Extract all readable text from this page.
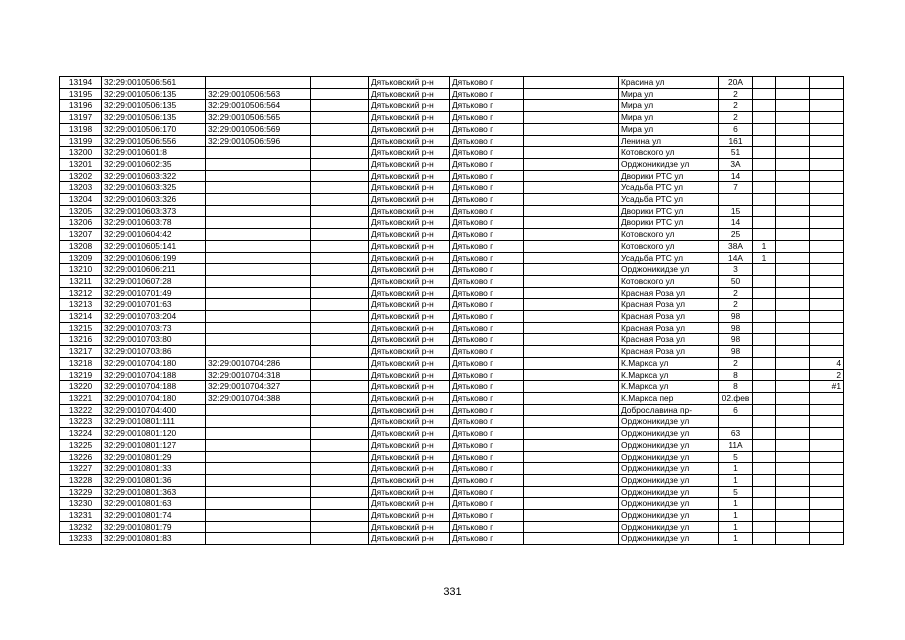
13194	32:29:0010506:561			Дятьковский р-н	Дятьково г		Красина ул	20А			
13195	32:29:0010506:135	32:29:0010506:563		Дятьковский р-н	Дятьково г		Мира ул	2			
13196	32:29:0010506:135	32:29:0010506:564		Дятьковский р-н	Дятьково г		Мира ул	2			
13197	32:29:0010506:135	32:29:0010506:565		Дятьковский р-н	Дятьково г		Мира ул	2			
13198	32:29:0010506:170	32:29:0010506:569		Дятьковский р-н	Дятьково г		Мира ул	6			
13199	32:29:0010506:556	32:29:0010506:596		Дятьковский р-н	Дятьково г		Ленина ул	161			
13200	32:29:0010601:8			Дятьковский р-н	Дятьково г		Котовского ул	51			
13201	32:29:0010602:35			Дятьковский р-н	Дятьково г		Орджоникидзе ул	3А			
13202	32:29:0010603:322			Дятьковский р-н	Дятьково г		Дворики РТС ул	14			
13203	32:29:0010603:325			Дятьковский р-н	Дятьково г		Усадьба РТС ул	7			
13204	32:29:0010603:326			Дятьковский р-н	Дятьково г		Усадьба РТС ул				
13205	32:29:0010603:373			Дятьковский р-н	Дятьково г		Дворики РТС ул	15			
13206	32:29:0010603:78			Дятьковский р-н	Дятьково г		Дворики РТС ул	14			
13207	32:29:0010604:42			Дятьковский р-н	Дятьково г		Котовского ул	25			
13208	32:29:0010605:141			Дятьковский р-н	Дятьково г		Котовского ул	38А	1		
13209	32:29:0010606:199			Дятьковский р-н	Дятьково г		Усадьба РТС ул	14А	1		
13210	32:29:0010606:211			Дятьковский р-н	Дятьково г		Орджоникидзе ул	3			
13211	32:29:0010607:28			Дятьковский р-н	Дятьково г		Котовского ул	50			
13212	32:29:0010701:49			Дятьковский р-н	Дятьково г		Красная Роза ул	2			
13213	32:29:0010701:63			Дятьковский р-н	Дятьково г		Красная Роза ул	2			
13214	32:29:0010703:204			Дятьковский р-н	Дятьково г		Красная Роза ул	98			
13215	32:29:0010703:73			Дятьковский р-н	Дятьково г		Красная Роза ул	98			
13216	32:29:0010703:80			Дятьковский р-н	Дятьково г		Красная Роза ул	98			
13217	32:29:0010703:86			Дятьковский р-н	Дятьково г		Красная Роза ул	98			
13218	32:29:0010704:180	32:29:0010704:286		Дятьковский р-н	Дятьково г		К.Маркса ул	2			4
13219	32:29:0010704:188	32:29:0010704:318		Дятьковский р-н	Дятьково г		К.Маркса ул	8			2
13220	32:29:0010704:188	32:29:0010704:327		Дятьковский р-н	Дятьково г		К.Маркса ул	8			#1
13221	32:29:0010704:180	32:29:0010704:388		Дятьковский р-н	Дятьково г		К.Маркса пер	02.фев			
13222	32:29:0010704:400			Дятьковский р-н	Дятьково г		Доброславина пр-	6			
13223	32:29:0010801:111			Дятьковский р-н	Дятьково г		Орджоникидзе ул				
13224	32:29:0010801:120			Дятьковский р-н	Дятьково г		Орджоникидзе ул	63			
13225	32:29:0010801:127			Дятьковский р-н	Дятьково г		Орджоникидзе ул	11А			
13226	32:29:0010801:29			Дятьковский р-н	Дятьково г		Орджоникидзе ул	5			
13227	32:29:0010801:33			Дятьковский р-н	Дятьково г		Орджоникидзе ул	1			
13228	32:29:0010801:36			Дятьковский р-н	Дятьково г		Орджоникидзе ул	1			
13229	32:29:0010801:363			Дятьковский р-н	Дятьково г		Орджоникидзе ул	5			
13230	32:29:0010801:63			Дятьковский р-н	Дятьково г		Орджоникидзе ул	1			
13231	32:29:0010801:74			Дятьковский р-н	Дятьково г		Орджоникидзе ул	1			
13232	32:29:0010801:79			Дятьковский р-н	Дятьково г		Орджоникидзе ул	1			
13233	32:29:0010801:83			Дятьковский р-н	Дятьково г		Орджоникидзе ул	1			
331
